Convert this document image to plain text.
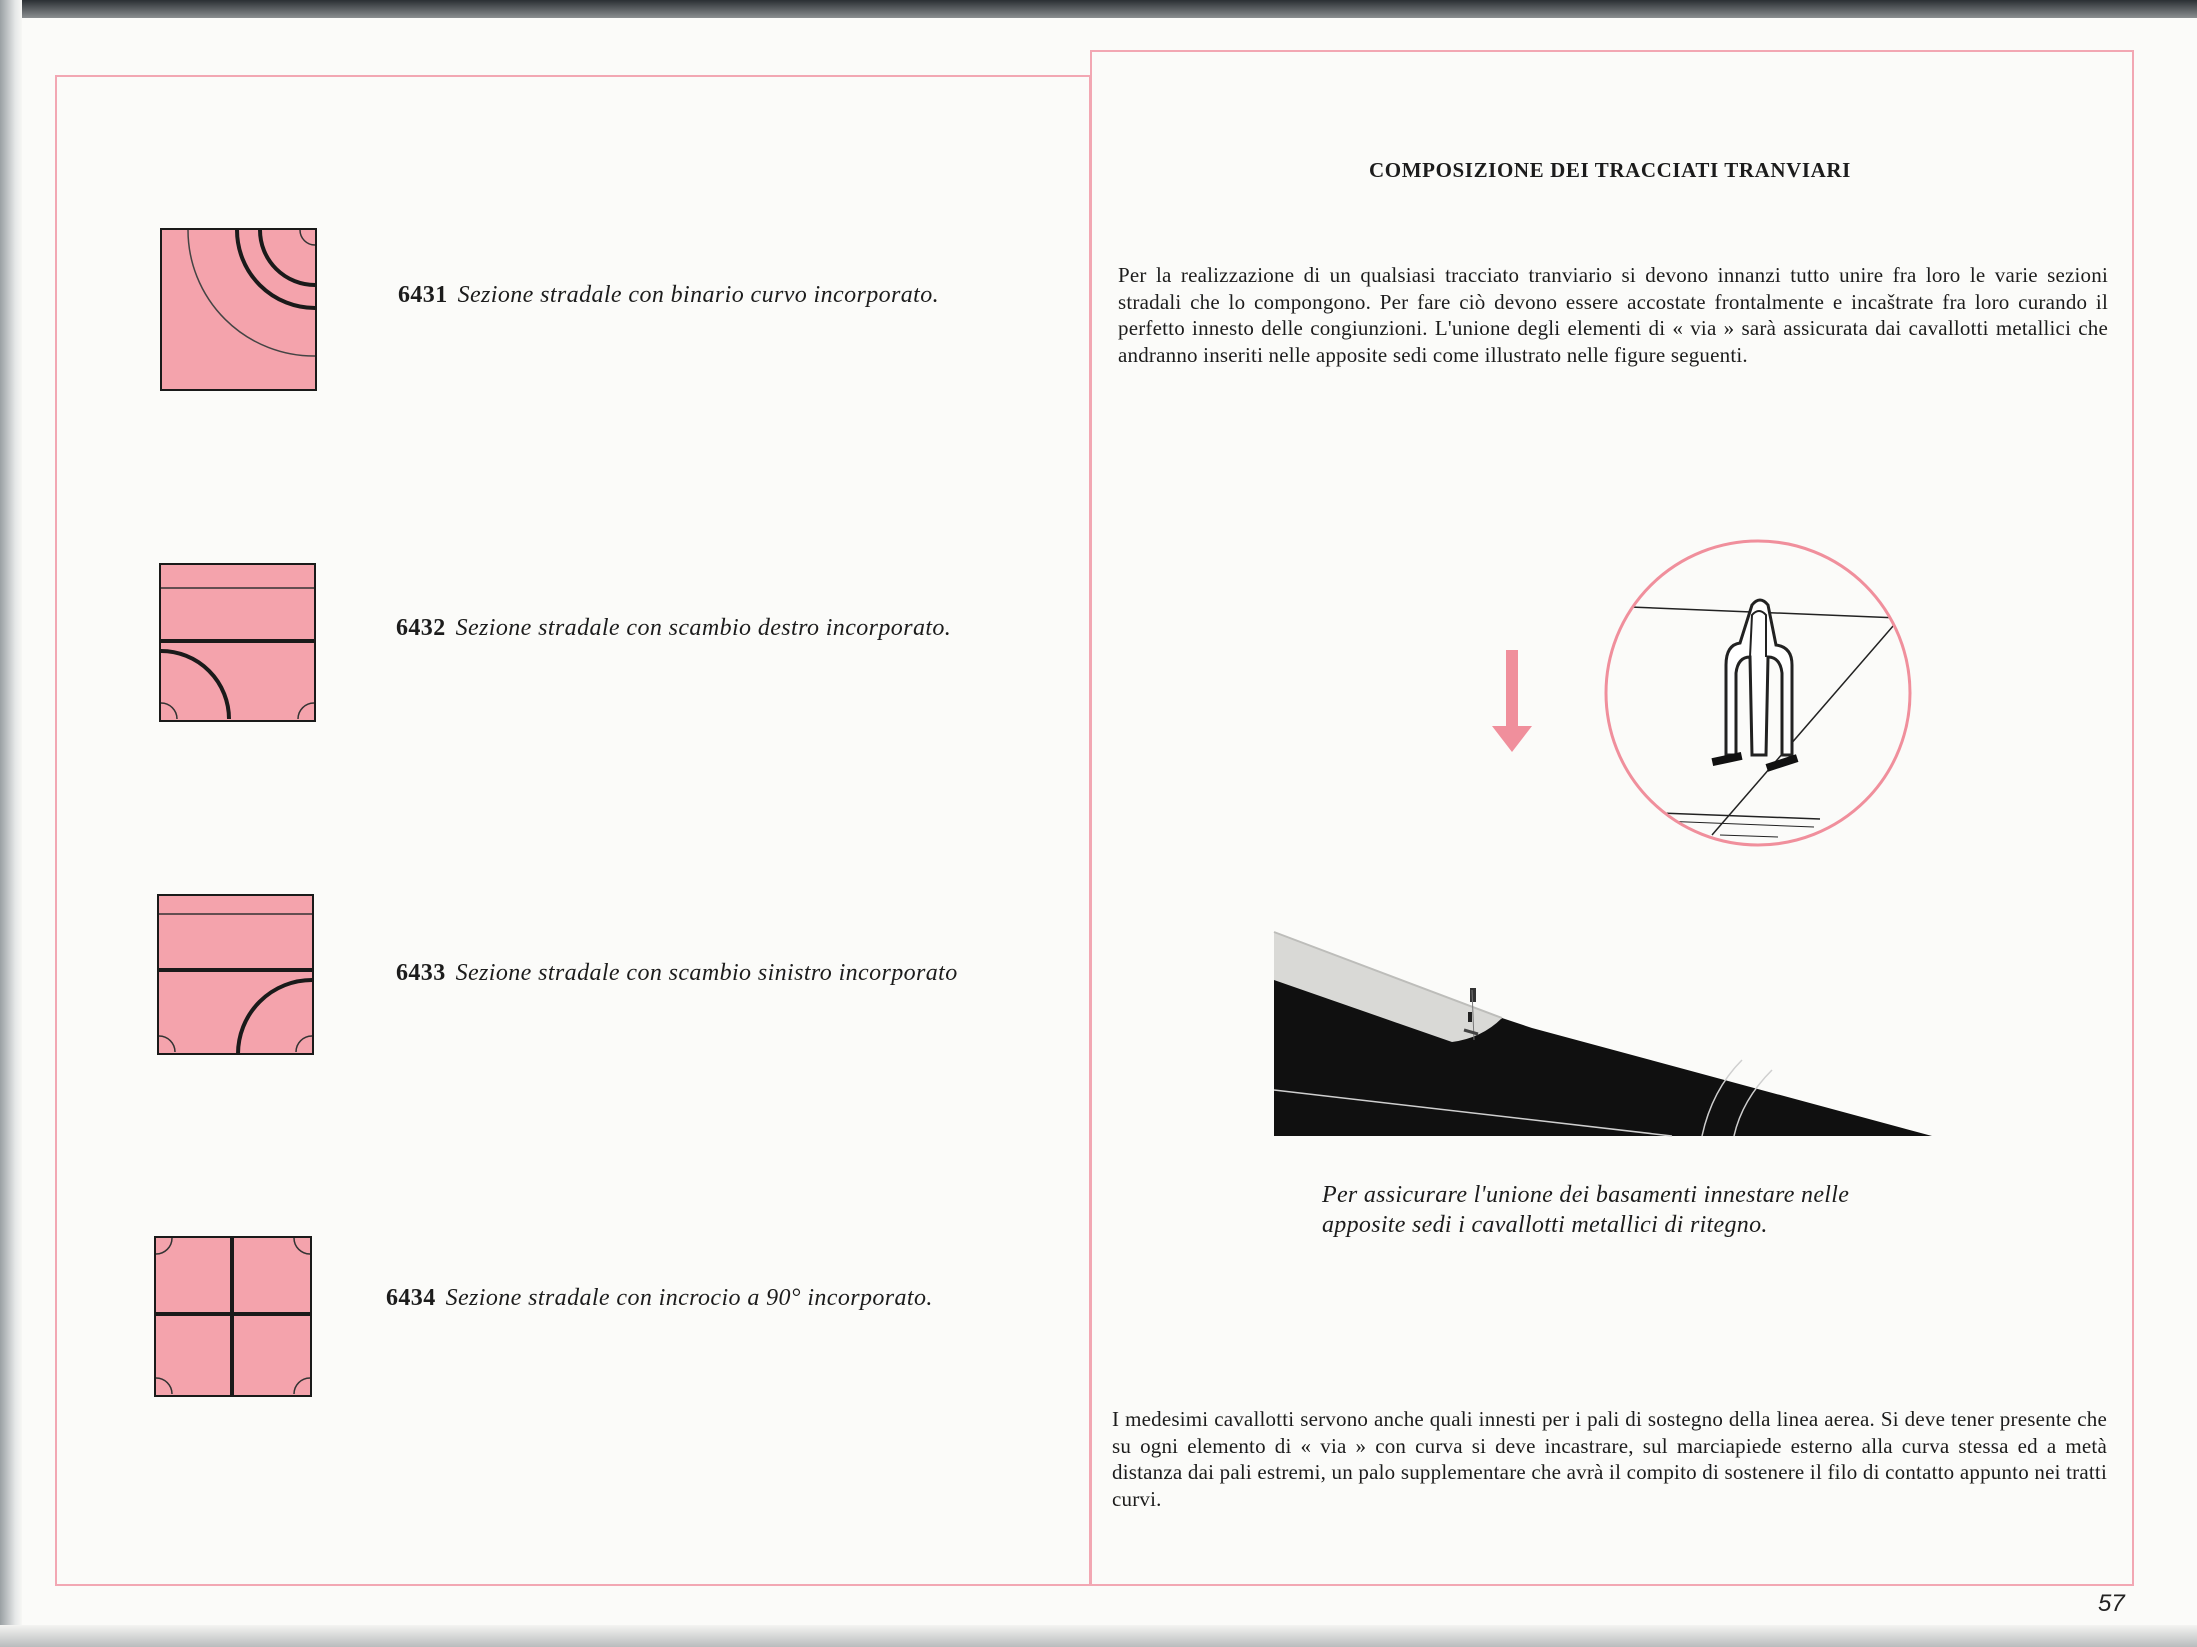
6431 Sezione stradale con binario curvo incorporato.
6432 Sezione stradale con scambio destro incorporato.
6433 Sezione stradale con scambio sinistro incorporato
6434 Sezione stradale con incrocio a 90° incorporato.
COMPOSIZIONE DEI TRACCIATI TRANVIARI
Per la realizzazione di un qualsiasi tracciato tranviario si devono innanzi tutto unire fra loro le varie sezioni stradali che lo compongono. Per fare ciò devono essere accostate frontalmente e incaštrate fra loro curando il perfetto innesto delle congiunzioni. L'unione degli elementi di « via » sarà assicurata dai cavallotti metallici che andranno inseriti nelle apposite sedi come illustrato nelle figure seguenti.
Per assicurare l'unione dei basamenti innestare nelle apposite sedi i cavallotti metallici di ritegno.
I medesimi cavallotti servono anche quali innesti per i pali di sostegno della linea aerea. Si deve tener presente che su ogni elemento di « via » con curva si deve incastrare, sul marciapiede esterno alla curva stessa ed a metà distanza dai pali estremi, un palo supplementare che avrà il compito di sostenere il filo di contatto appunto nei tratti curvi.
57
